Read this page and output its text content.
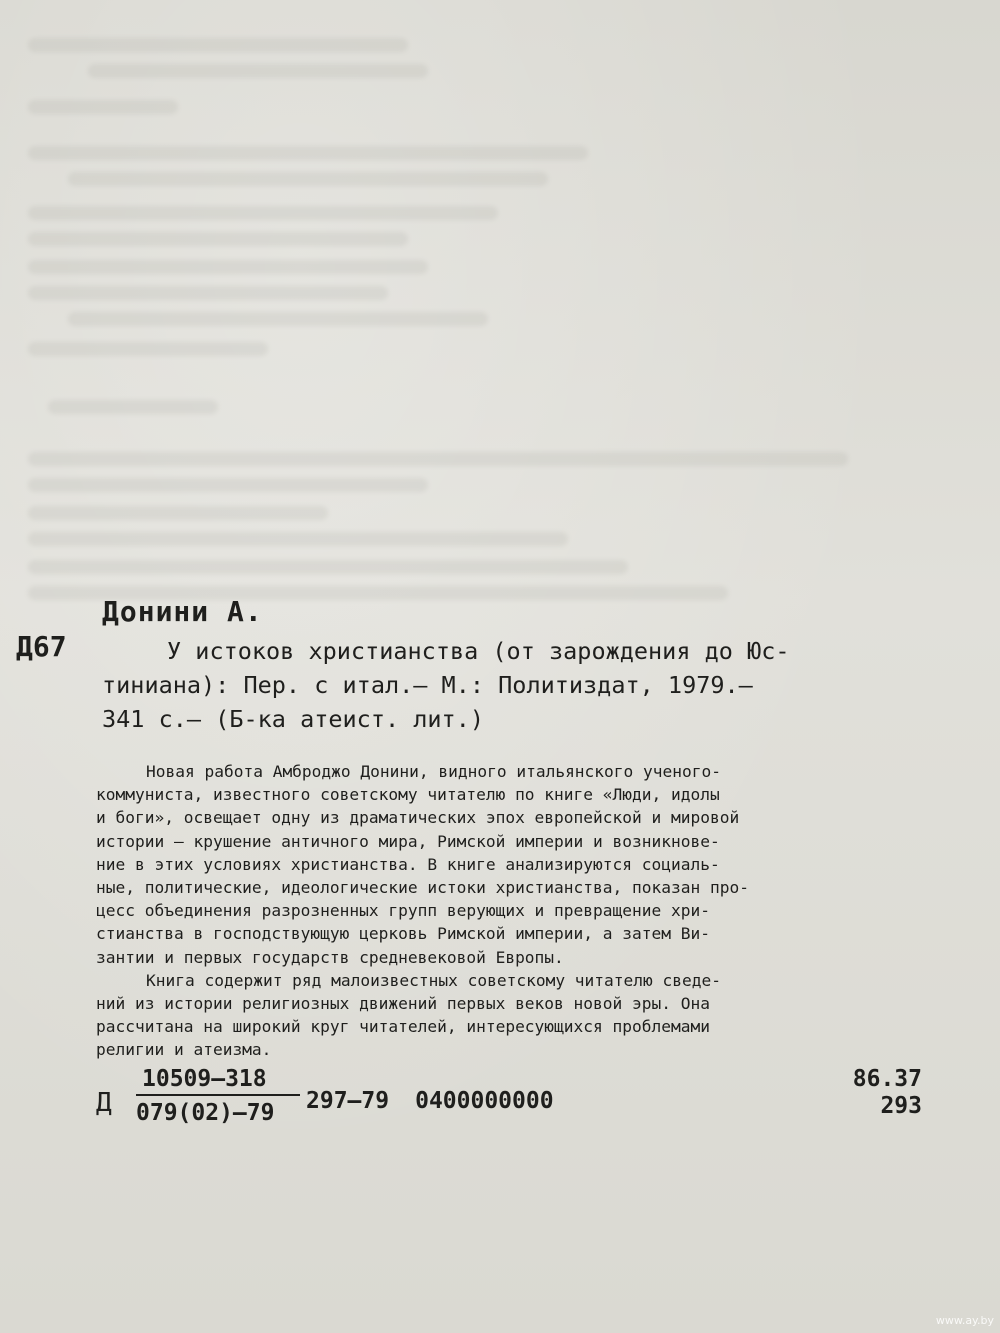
Донини А.
Д67	У истоков христианства (от зарождения до Юс-
тиниана): Пер. с итал.— М.: Политиздат, 1979.—
341 с.— (Б-ка атеист. лит.)
Новая работа Амброджо Донини, видного итальянского ученого-
коммуниста, известного советскому читателю по книге «Люди, идолы
и боги», освещает одну из драматических эпох европейской и мировой
истории — крушение античного мира, Римской империи и возникнове-
ние в этих условиях христианства. В книге анализируются социаль-
ные, политические, идеологические истоки христианства, показан про-
цесс объединения разрозненных групп верующих и превращение хри-
стианства в господствующую церковь Римской империи, а затем Ви-
зантии и первых государств средневековой Европы.
Книга содержит ряд малоизвестных советскому читателю сведе-
ний из истории религиозных движений первых веков новой эры. Она
рассчитана на широкий круг читателей, интересующихся проблемами
религии и атеизма.
Д $\frac{10509—318}{079(02)—79}$ 297—79 0400000000
86.37
293
www.ay.by
